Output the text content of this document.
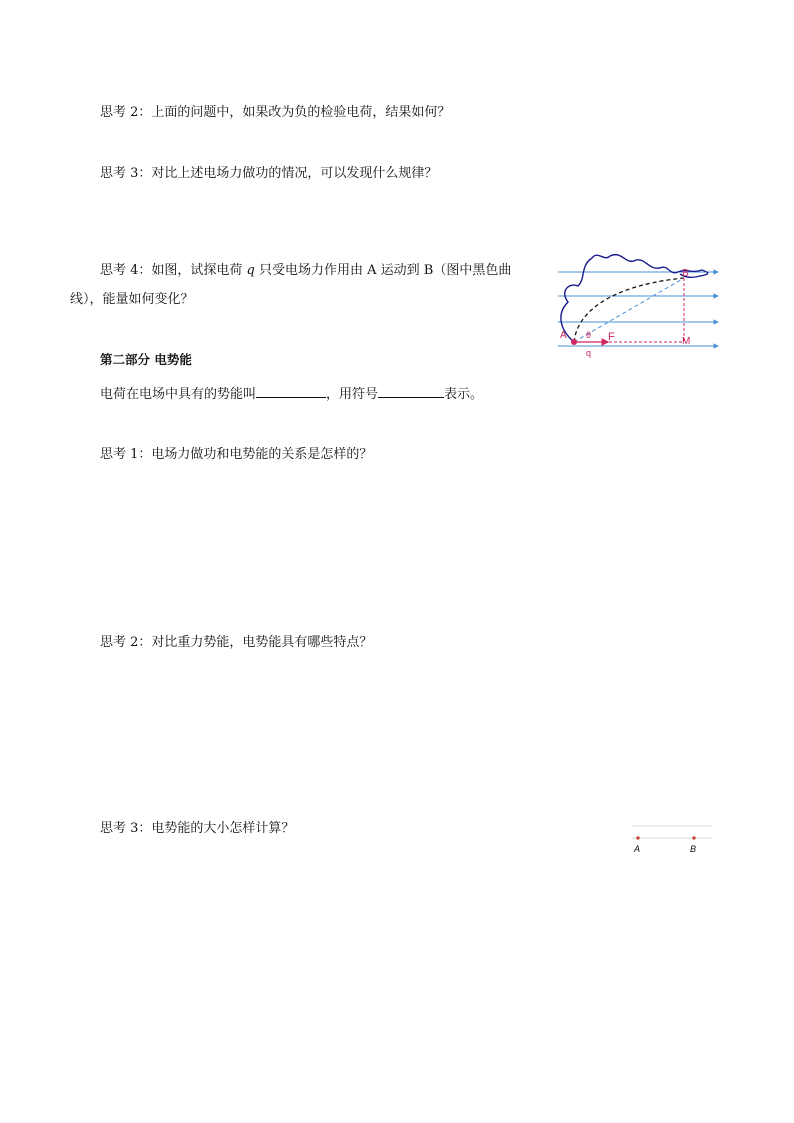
思考 2：上面的问题中，如果改为负的检验电荷，结果如何？
思考 3：对比上述电场力做功的情况，可以发现什么规律？
思考 4：如图，试探电荷 q 只受电场力作用由 A 运动到 B（图中黑色曲
线），能量如何变化？
A
B
M
F
q
θ
第二部分 电势能
电荷在电场中具有的势能叫	，用符号	表示。
思考 1：电场力做功和电势能的关系是怎样的？
思考 2：对比重力势能，电势能具有哪些特点？
思考 3：电势能的大小怎样计算？
A	B
